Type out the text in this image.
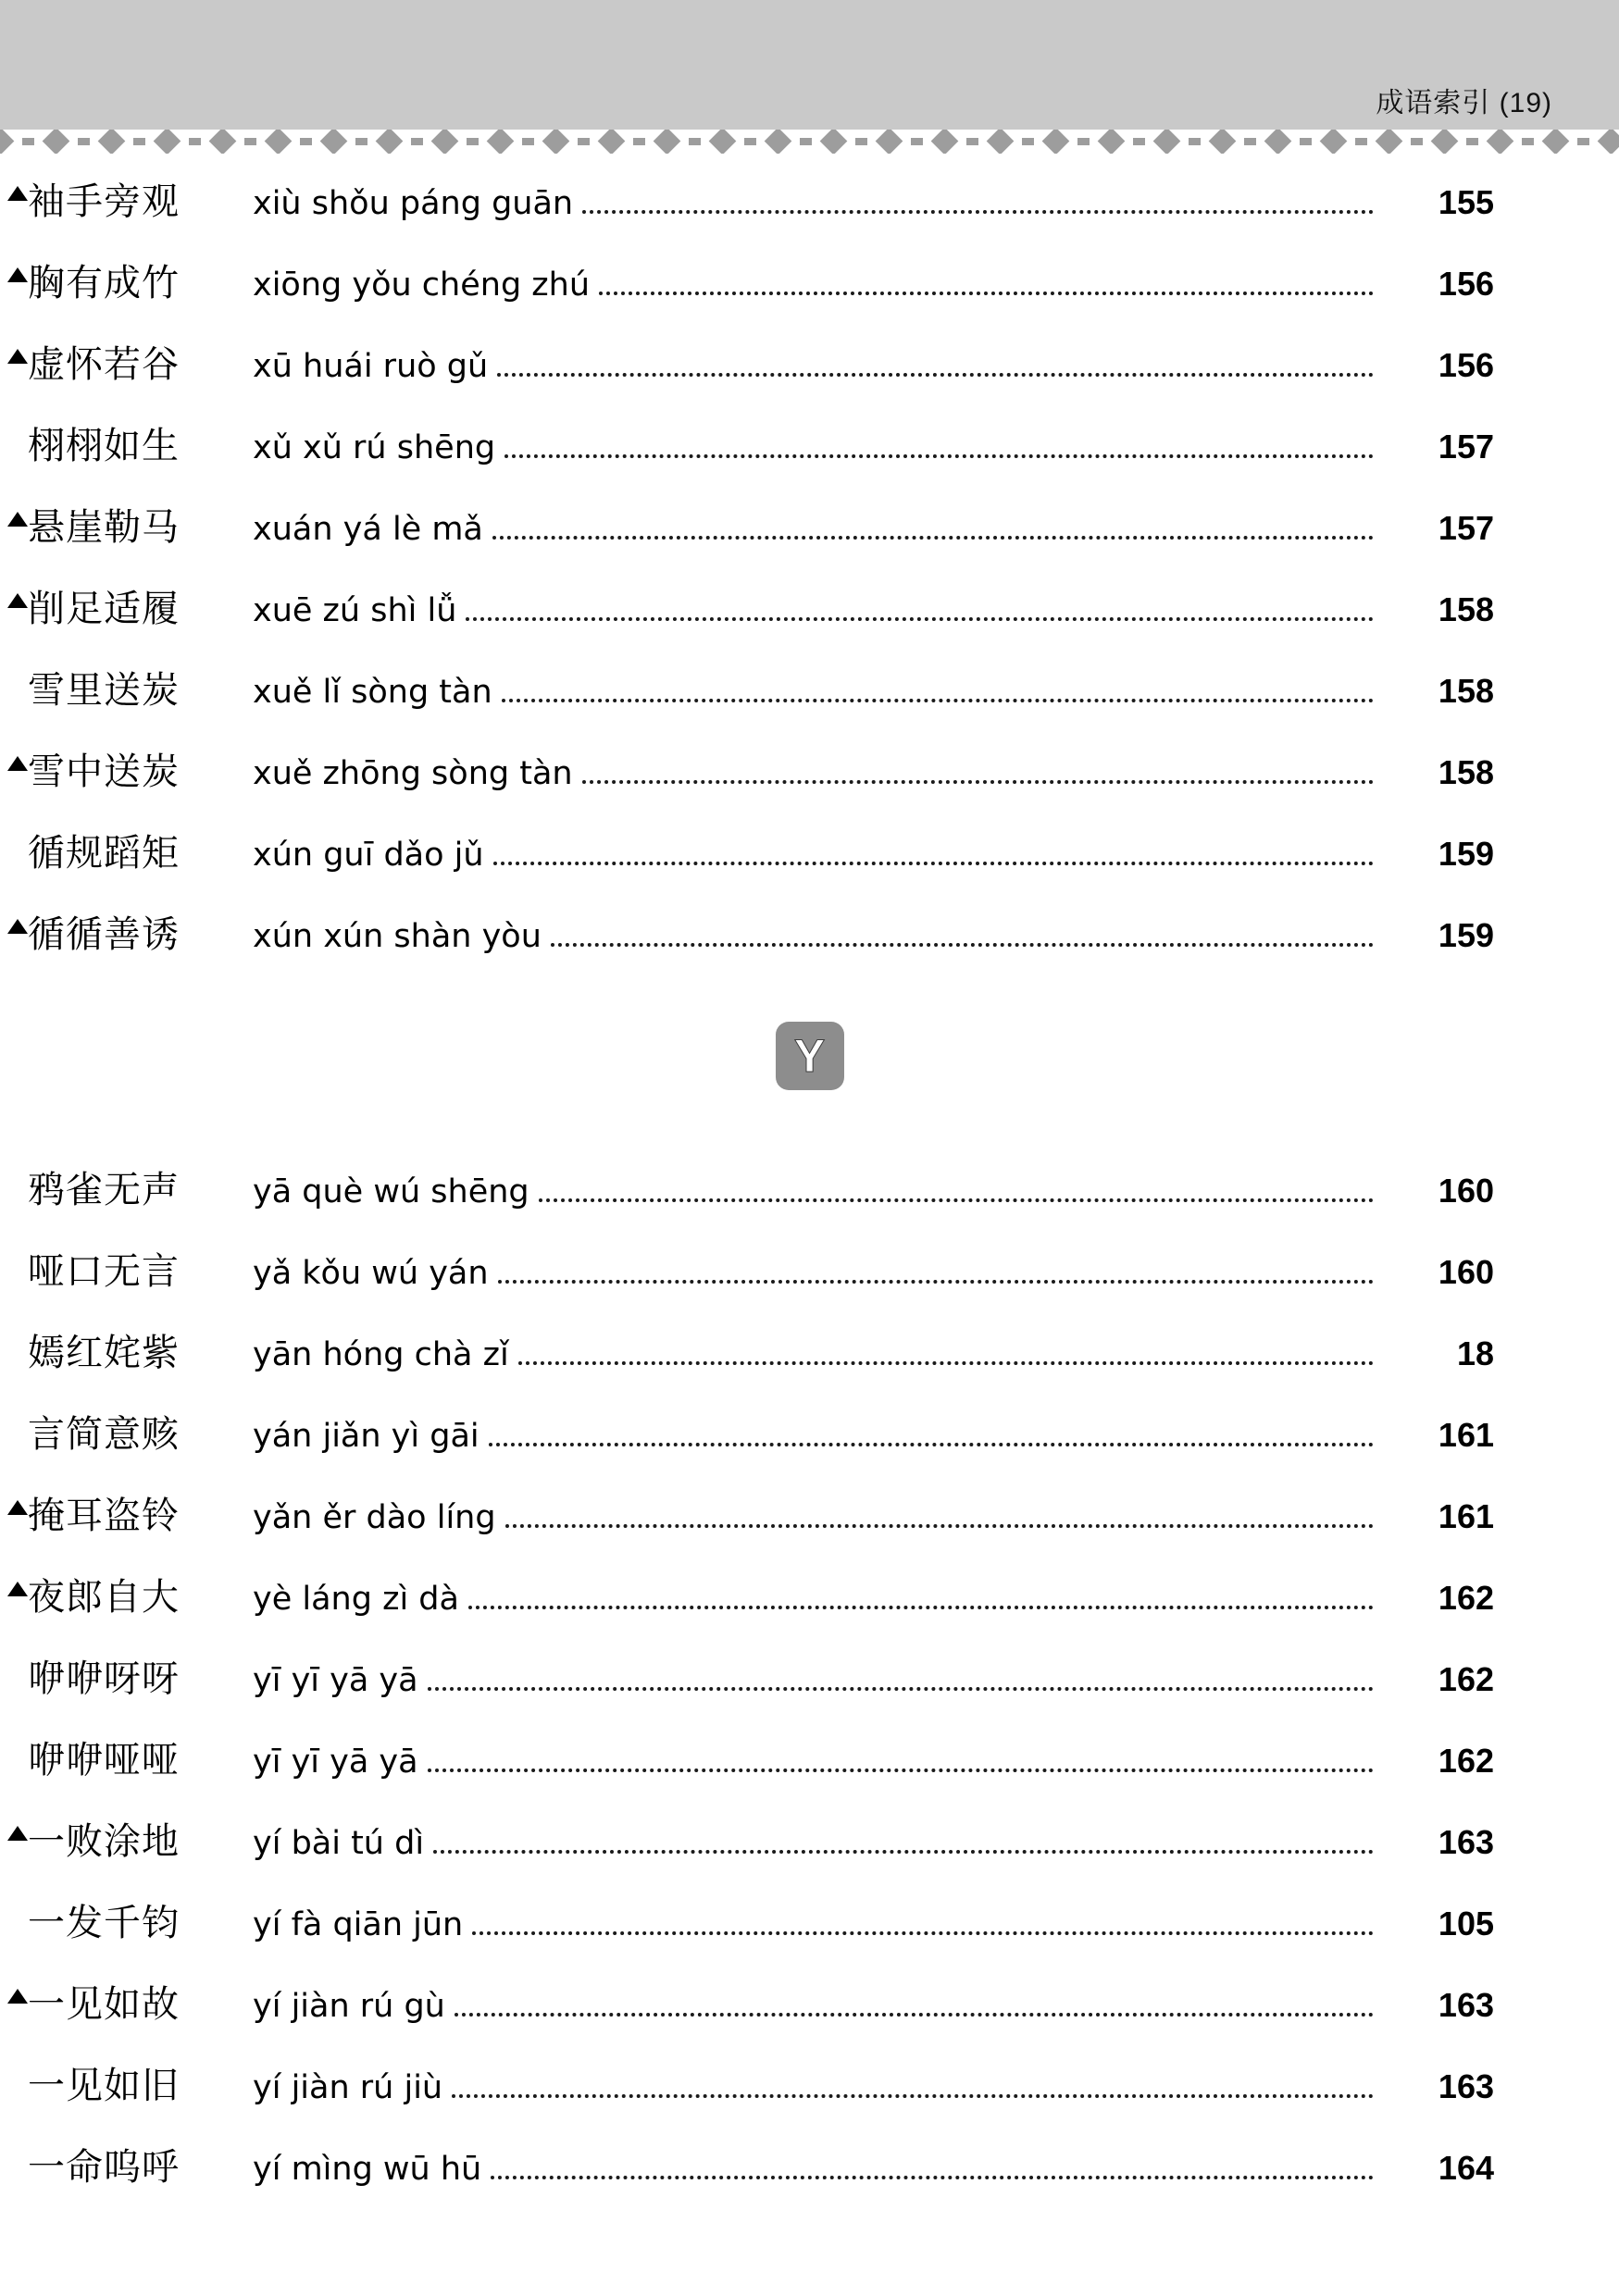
成语索引 (19)
袖手旁观	xiù shǒu páng guān	155
胸有成竹	xiōng yǒu chéng zhú	156
虚怀若谷	xū huái ruò gǔ	156
栩栩如生	xǔ xǔ rú shēng	157
悬崖勒马	xuán yá lè mǎ	157
削足适履	xuē zú shì lǚ	158
雪里送炭	xuě lǐ sòng tàn	158
雪中送炭	xuě zhōng sòng tàn	158
循规蹈矩	xún guī dǎo jǔ	159
循循善诱	xún xún shàn yòu	159
Y
鸦雀无声	yā què wú shēng	160
哑口无言	yǎ kǒu wú yán	160
嫣红姹紫	yān hóng chà zǐ	18
言简意赅	yán jiǎn yì gāi	161
掩耳盗铃	yǎn ěr dào líng	161
夜郎自大	yè láng zì dà	162
咿咿呀呀	yī yī yā yā	162
咿咿哑哑	yī yī yā yā	162
一败涂地	yí bài tú dì	163
一发千钧	yí fà qiān jūn	105
一见如故	yí jiàn rú gù	163
一见如旧	yí jiàn rú jiù	163
一命呜呼	yí mìng wū hū	164
